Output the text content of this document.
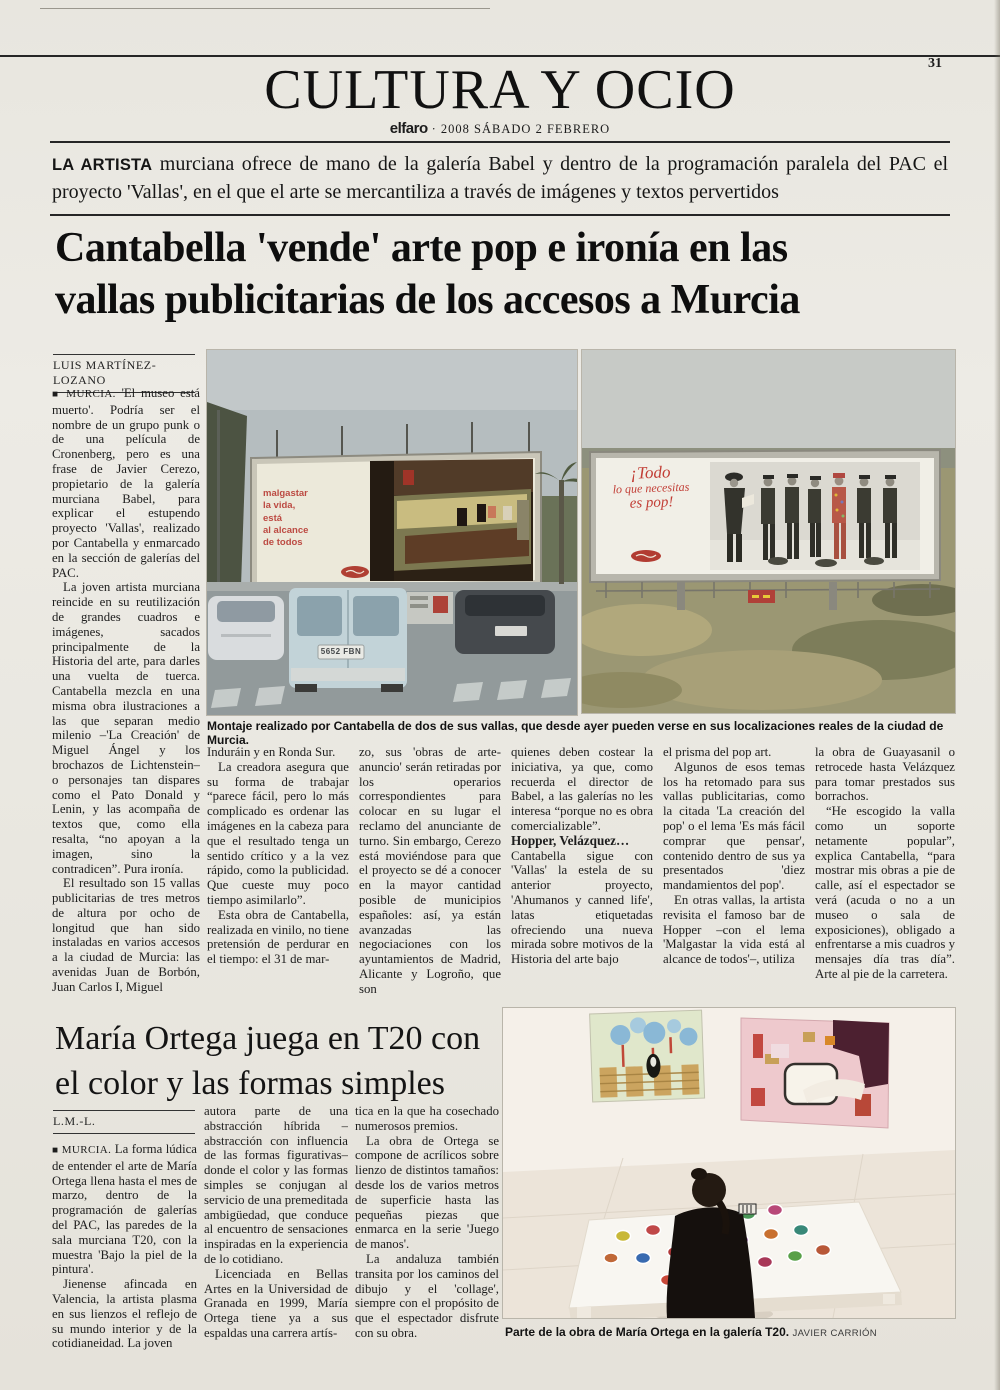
31
CULTURA Y OCIO
elfaro · 2008 SÁBADO 2 FEBRERO
LA ARTISTA murciana ofrece de mano de la galería Babel y dentro de la programación paralela del PAC el proyecto 'Vallas', en el que el arte se mercantiliza a través de imágenes y textos pervertidos
Cantabella 'vende' arte pop e ironía en las
vallas publicitarias de los accesos a Murcia
LUIS MARTÍNEZ-LOZANO

■ MURCIA. 'El museo está muerto'. Podría ser el nombre de un grupo punk o de una película de Cronenberg, pero es una frase de Javier Cerezo, propietario de la galería murciana Babel, para explicar el estupendo proyecto 'Vallas', realizado por Cantabella y enmarcado en la sección de galerías del PAC.

La joven artista murciana reincide en su reutilización de grandes cuadros e imágenes, sacados principalmente de la Historia del arte, para darles una vuelta de tuerca. Cantabella mezcla en una misma obra ilustraciones a las que separan medio milenio –'La Creación' de Miguel Ángel y los brochazos de Lichtenstein– o personajes tan dispares como el Pato Donald y Lenin, y las acompaña de textos que, como ella resalta, “no apoyan a la imagen, sino la contradicen”. Pura ironía.

El resultado son 15 vallas publicitarias de tres metros de altura por ocho de longitud que han sido instaladas en varios accesos a la ciudad de Murcia: las avenidas Juan de Borbón, Juan Carlos I, Miguel

malgastar
la vida,
está
al alcance
de todos
5652 FBN
¡Todo
lo que necesitas
es pop!
Montaje realizado por Cantabella de dos de sus vallas, que desde ayer pueden verse en sus localizaciones reales de la ciudad de Murcia.

Induráin y en Ronda Sur.

La creadora asegura que su forma de trabajar “parece fácil, pero lo más complicado es ordenar las imágenes en la cabeza para que el resultado tenga un sentido crítico y a la vez rápido, como la publicidad. Que cueste muy poco tiempo asimilarlo”.

Esta obra de Cantabella, realizada en vinilo, no tiene pretensión de perdurar en el tiempo: el 31 de mar-

zo, sus 'obras de arte-anuncio' serán retiradas por los operarios correspondientes para colocar en su lugar el reclamo del anunciante de turno. Sin embargo, Cerezo está moviéndose para que el proyecto se dé a conocer en la mayor cantidad posible de municipios españoles: así, ya están avanzadas las negociaciones con los ayuntamientos de Madrid, Alicante y Logroño, que son

quienes deben costear la iniciativa, ya que, como recuerda el director de Babel, a las galerías no les interesa “porque no es obra comercializable”.

Hopper, Velázquez…

Cantabella sigue con 'Vallas' la estela de su anterior proyecto, 'Ahumanos y canned life', latas etiquetadas ofreciendo una nueva mirada sobre motivos de la Historia del arte bajo

el prisma del pop art.

Algunos de esos temas los ha retomado para sus vallas publicitarias, como la citada 'La creación del pop' o el lema 'Es más fácil comprar que pensar', contenido dentro de sus ya presentados 'diez mandamientos del pop'.

En otras vallas, la artista revisita el famoso bar de Hopper –con el lema 'Malgastar la vida está al alcance de todos'–, utiliza

la obra de Guayasanil o retrocede hasta Velázquez para tomar prestados sus borrachos.

“He escogido la valla como un soporte netamente popular”, explica Cantabella, “para mostrar mis obras a pie de calle, así el espectador se verá (acuda o no a un museo o sala de exposiciones), obligado a enfrentarse a mis cuadros y mensajes día tras día”. Arte al pie de la carretera.

María Ortega juega en T20 con
el color y las formas simples
L.M.-L.

■ MURCIA. La forma lúdica de entender el arte de María Ortega llena hasta el mes de marzo, dentro de la programación de galerías del PAC, las paredes de la sala murciana T20, con la muestra 'Bajo la piel de la pintura'.

Jienense afincada en Valencia, la artista plasma en sus lienzos el reflejo de su mundo interior y de la cotidianeidad. La joven

autora parte de una abstracción híbrida –abstracción con influencia de las formas figurativas– donde el color y las formas simples se conjugan al servicio de una premeditada ambigüedad, que conduce al encuentro de sensaciones inspiradas en la experiencia de lo cotidiano.

Licenciada en Bellas Artes en la Universidad de Granada en 1999, María Ortega tiene ya a sus espaldas una carrera artís-

tica en la que ha cosechado numerosos premios.

La obra de Ortega se compone de acrílicos sobre lienzo de distintos tamaños: desde los de varios metros de superficie hasta las pequeñas piezas que enmarca en la serie 'Juego de manos'.

La andaluza también transita por los caminos del dibujo y el 'collage', siempre con el propósito de que el espectador disfrute con su obra.	Parte de la obra de María Ortega en la galería T20. JAVIER CARRIÓN
